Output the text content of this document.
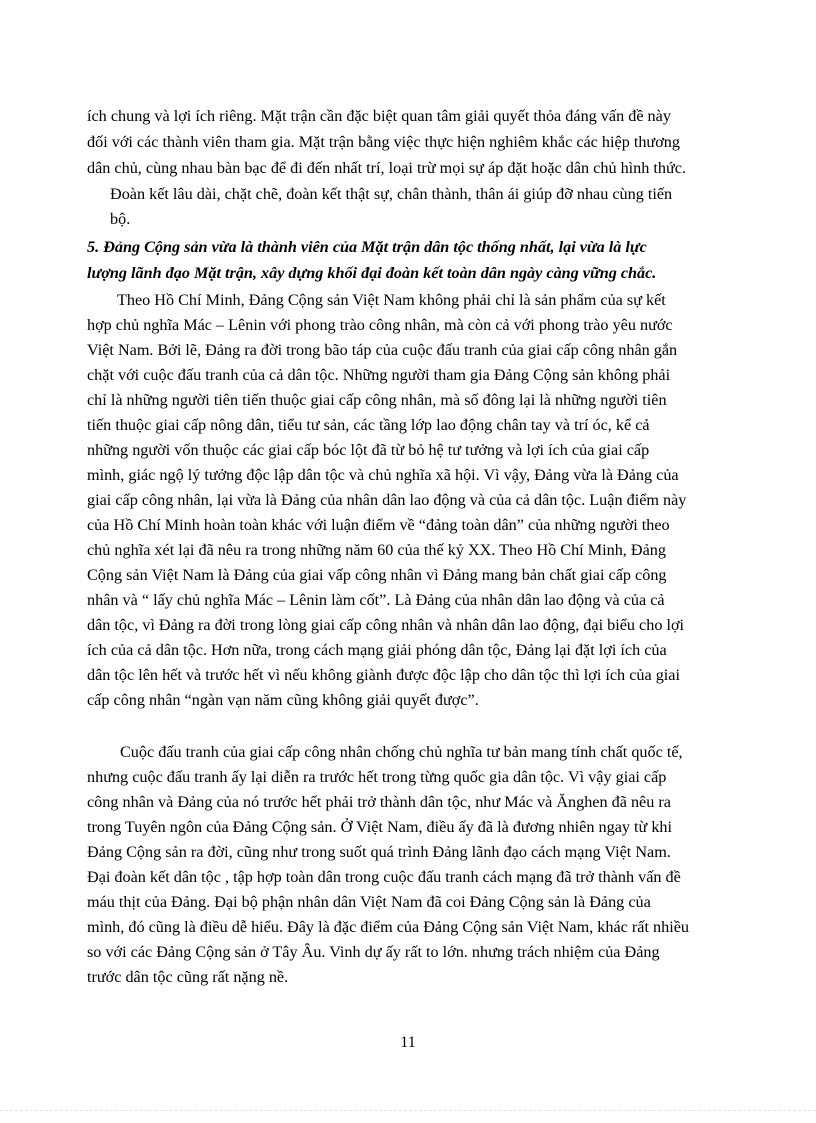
ích chung và lợi ích riêng. Mặt trận cần đặc biệt quan tâm giải quyết thỏa đáng vấn đề này
đối với các thành viên tham gia. Mặt trận bằng việc thực hiện nghiêm khắc các hiệp thương
dân chủ, cùng nhau bàn bạc để đi đến nhất trí, loại trừ mọi sự áp đặt hoặc dân chủ hình thức.
Đoàn kết lâu dài, chặt chẽ, đoàn kết thật sự, chân thành, thân ái giúp đỡ nhau cùng tiến
bộ.
5. Đảng Cộng sản vừa là thành viên của Mặt trận dân tộc thống nhất, lại vừa là lực
lượng lãnh đạo Mặt trận, xây dựng khối đại đoàn kết toàn dân ngày càng vững chắc.
Theo Hồ Chí Minh, Đảng Cộng sản Việt Nam không phải chỉ là sản phẩm của sự kết
hợp chủ nghĩa Mác – Lênin với phong trào công nhân, mà còn cả với phong trào yêu nước
Việt Nam. Bởi lẽ, Đảng ra đời trong bão táp của cuộc đấu tranh của giai cấp công nhân gắn
chặt với cuộc đấu tranh của cả dân tộc. Những người tham gia Đảng Cộng sản không phải
chỉ là những người tiên tiến thuộc giai cấp công nhân, mà số đông lại là những người tiên
tiến thuộc giai cấp nông dân, tiểu tư sản, các tầng lớp lao động chân tay và trí óc, kể cả
những người vốn thuộc các giai cấp bóc lột đã từ bỏ hệ tư tưởng và lợi ích của giai cấp
mình, giác ngộ lý tưởng độc lập dân tộc và chủ nghĩa xã hội. Vì vậy, Đảng vừa là Đảng của
giai cấp công nhân, lại vừa là Đảng của nhân dân lao động và của cả dân tộc. Luận điểm này
của Hồ Chí Minh hoàn toàn khác với luận điểm về “đảng toàn dân” của những người theo
chủ nghĩa xét lại đã nêu ra trong những năm 60 của thế kỷ XX. Theo Hồ Chí Minh, Đảng
Cộng sản Việt Nam là Đảng của giai vấp công nhân vì Đảng mang bản chất giai cấp công
nhân và “ lấy chủ nghĩa Mác – Lênin làm cốt”. Là Đảng của nhân dân lao động và của cả
dân tộc, vì Đảng ra đời trong lòng giai cấp công nhân và nhân dân lao động, đại biểu cho lợi
ích của cả dân tộc. Hơn nữa, trong cách mạng giải phóng dân tộc, Đảng lại đặt lợi ích của
dân tộc lên hết và trước hết vì nếu không giành được độc lập cho dân tộc thì lợi ích của giai
cấp công nhân “ngàn vạn năm cũng không giải quyết được”.
Cuộc đấu tranh của giai cấp công nhân chống chủ nghĩa tư bản mang tính chất quốc tế,
nhưng cuộc đấu tranh ấy lại diễn ra trước hết trong từng quốc gia dân tộc. Vì vậy giai cấp
công nhân và Đảng của nó trước hết phải trở thành dân tộc, như Mác và Ănghen đã nêu ra
trong Tuyên ngôn của Đảng Cộng sản. Ở Việt Nam, điều ấy đã là đương nhiên ngay từ khi
Đảng Cộng sản ra đời, cũng như trong suốt quá trình Đảng lãnh đạo cách mạng Việt Nam.
Đại đoàn kết dân tộc , tập hợp toàn dân trong cuộc đấu tranh cách mạng đã trở thành vấn đề
máu thịt của Đảng. Đại bộ phận nhân dân Việt Nam đã coi Đảng Cộng sản là Đảng của
mình, đó cũng là điều dễ hiểu. Đây là đặc điểm của Đảng Cộng sản Việt Nam, khác rất nhiều
so với các Đảng Cộng sản ở Tây Âu. Vinh dự ấy rất to lớn. nhưng trách nhiệm của Đảng
trước dân tộc cũng rất nặng nề.
11
